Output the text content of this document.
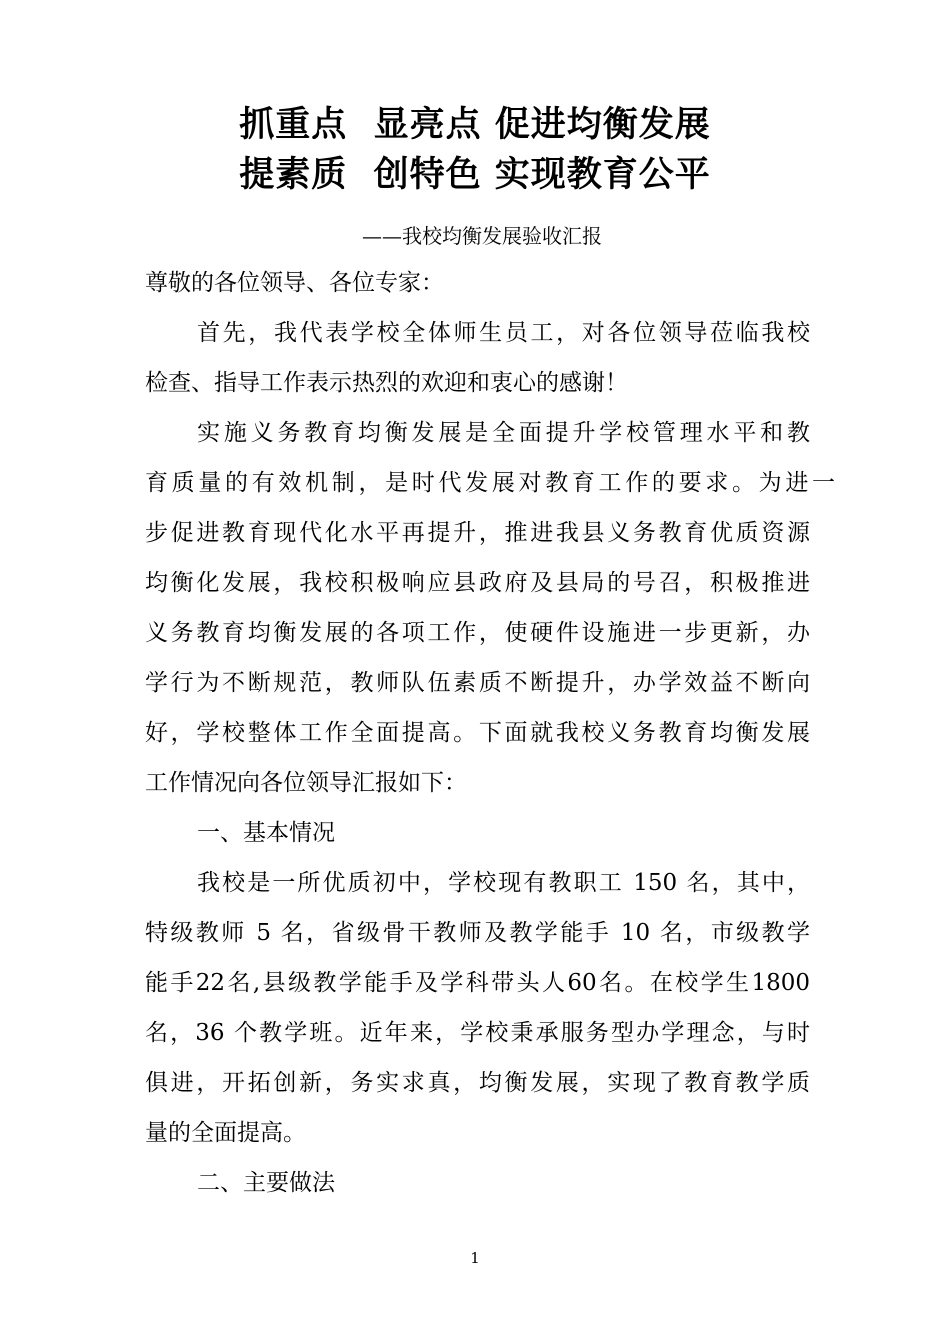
抓重点  显亮点 促进均衡发展
提素质  创特色 实现教育公平
——我校均衡发展验收汇报
尊敬的各位领导、各位专家：
首先，我代表学校全体师生员工，对各位领导莅临我校
检查、指导工作表示热烈的欢迎和衷心的感谢！
实施义务教育均衡发展是全面提升学校管理水平和教
育质量的有效机制，是时代发展对教育工作的要求。为进一
步促进教育现代化水平再提升，推进我县义务教育优质资源
均衡化发展，我校积极响应县政府及县局的号召，积极推进
义务教育均衡发展的各项工作，使硬件设施进一步更新，办
学行为不断规范，教师队伍素质不断提升，办学效益不断向
好，学校整体工作全面提高。下面就我校义务教育均衡发展
工作情况向各位领导汇报如下：
一、基本情况
我校是一所优质初中，学校现有教职工 150 名，其中，
特级教师 5 名，省级骨干教师及教学能手 10 名，市级教学
能手22名,县级教学能手及学科带头人60名。在校学生1800
名，36 个教学班。近年来，学校秉承服务型办学理念，与时
俱进，开拓创新，务实求真，均衡发展，实现了教育教学质
量的全面提高。
二、主要做法
1
